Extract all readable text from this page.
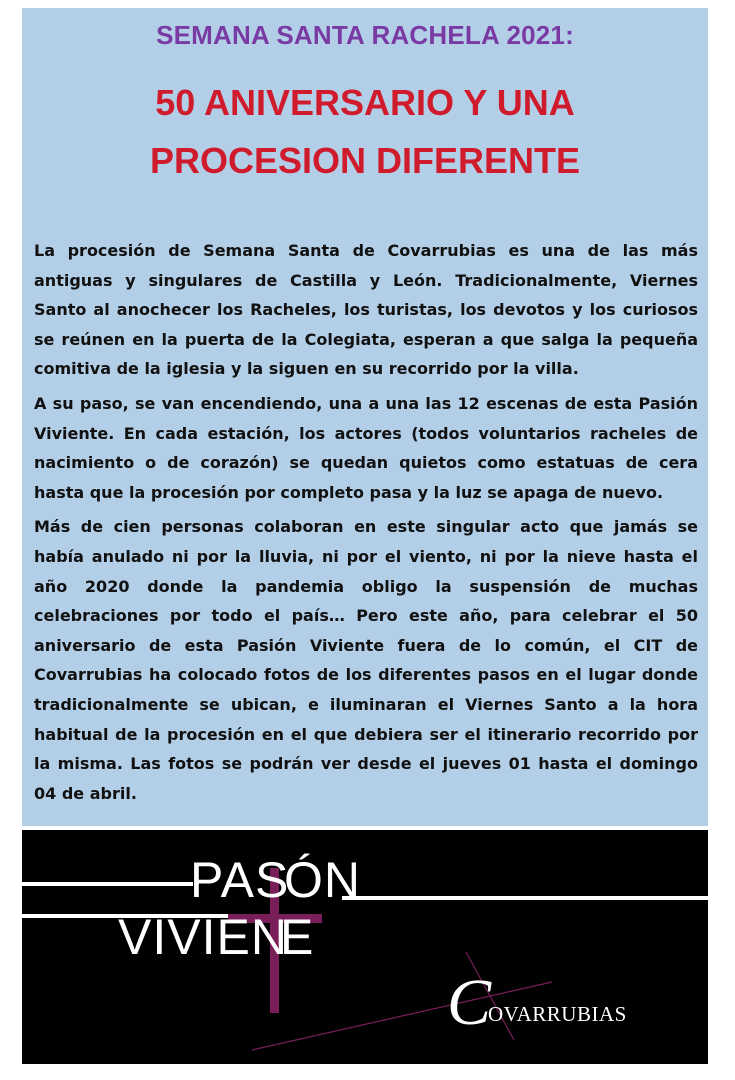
SEMANA SANTA RACHELA 2021:
50 ANIVERSARIO Y UNA
PROCESION DIFERENTE

La procesión de Semana Santa de Covarrubias es una de las más antiguas y singulares de Castilla y León. Tradicionalmente, Viernes Santo al anochecer los Racheles, los turistas, los devotos y los curiosos se reúnen en la puerta de la Colegiata, esperan a que salga la pequeña comitiva de la iglesia y la siguen en su recorrido por la villa.

A su paso, se van encendiendo, una a una las 12 escenas de esta Pasión Viviente. En cada estación, los actores (todos voluntarios racheles de nacimiento o de corazón) se quedan quietos como estatuas de cera hasta que la procesión por completo pasa y la luz se apaga de nuevo.

Más de cien personas colaboran en este singular acto que jamás se había anulado ni por la lluvia, ni por el viento, ni por la nieve hasta el año 2020 donde la pandemia obligo la suspensión de muchas celebraciones por todo el país… Pero este año, para celebrar el 50 aniversario de esta Pasión Viviente fuera de lo común, el CIT de Covarrubias ha colocado fotos de los diferentes pasos en el lugar donde tradicionalmente se ubican, e iluminaran el Viernes Santo a la hora habitual de la procesión en el que debiera ser el itinerario recorrido por la misma. Las fotos se podrán ver desde el jueves 01 hasta el domingo 04 de abril.

PAS
ÓN
VIVIEN
E
C
OVARRUBIAS
